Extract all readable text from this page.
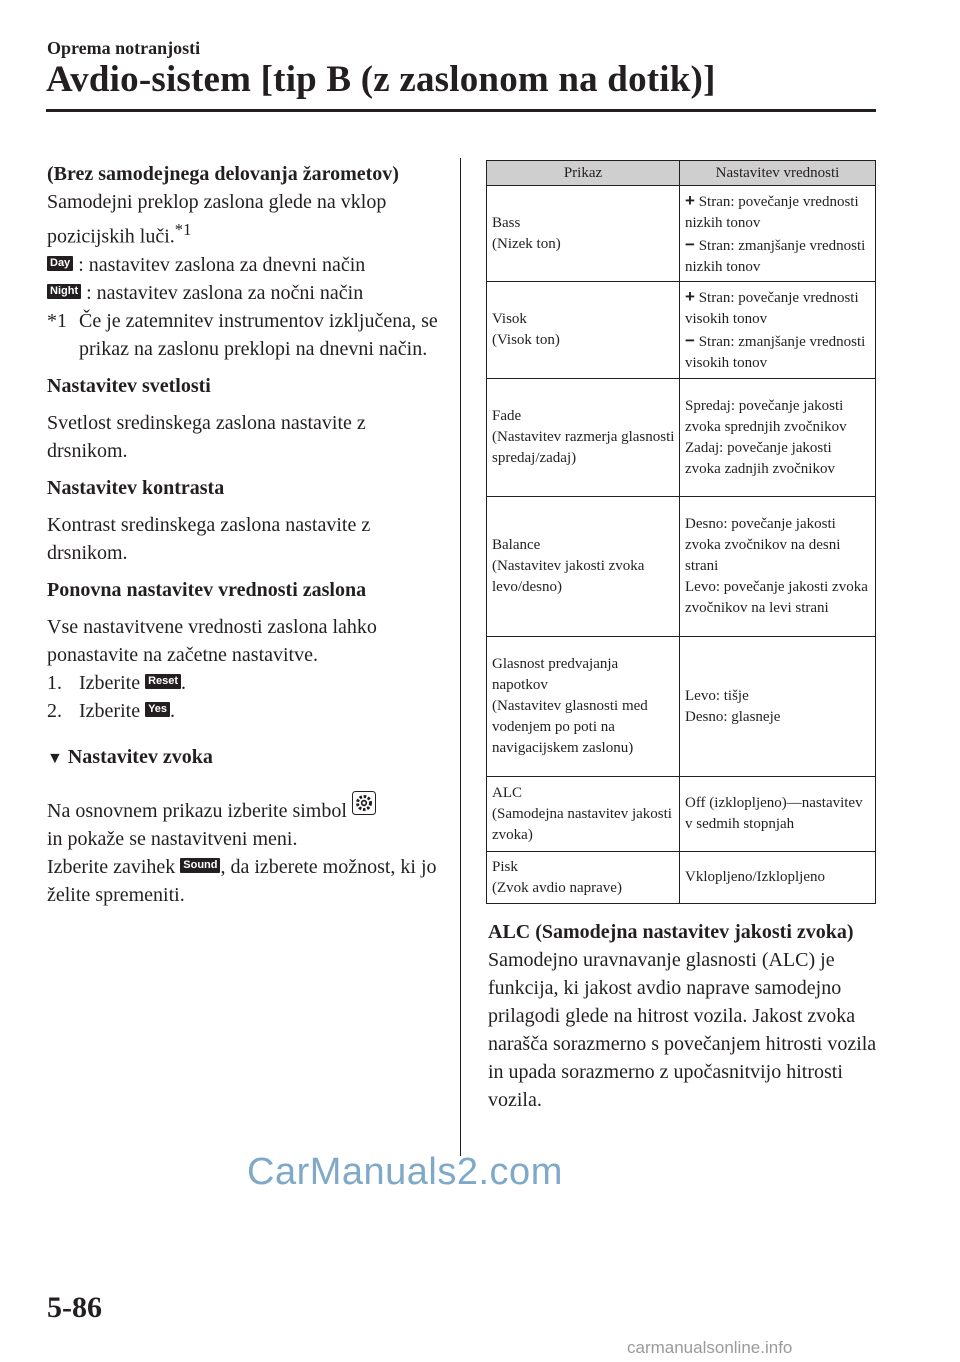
Oprema notranjosti
Avdio-sistem [tip B (z zaslonom na dotik)]

(Brez samodejnega delovanja žarometov)

Samodejni preklop zaslona glede na vklop pozicijskih luči.$^{*1}$

Day : nastavitev zaslona za dnevni način

Night : nastavitev zaslona za nočni način

*1 Če je zatemnitev instrumentov izključena, se prikaz na zaslonu preklopi na dnevni način.

Nastavitev svetlosti

Svetlost sredinskega zaslona nastavite z drsnikom.

Nastavitev kontrasta

Kontrast sredinskega zaslona nastavite z drsnikom.

Ponovna nastavitev vrednosti zaslona

Vse nastavitvene vrednosti zaslona lahko ponastavite na začetne nastavitve.

1. Izberite Reset .
2. Izberite Yes .

▼ Nastavitev zvoka

Na osnovnem prikazu izberite simbol

in pokaže se nastavitveni meni.

Izberite zavihek Sound , da izberete možnost, ki jo želite spremeniti.

Prikaz	Nastavitev vrednosti
Bass
(Nizek ton)	+ Stran: povečanje vrednosti nizkih tonov
− Stran: zmanjšanje vrednosti nizkih tonov
Visok
(Visok ton)	+ Stran: povečanje vrednosti visokih tonov
− Stran: zmanjšanje vrednosti visokih tonov
Fade
(Nastavitev razmerja glasnosti spredaj/zadaj)	Spredaj: povečanje jakosti zvoka sprednjih zvočnikov
Zadaj: povečanje jakosti zvoka zadnjih zvočnikov
Balance
(Nastavitev jakosti zvoka levo/desno)	Desno: povečanje jakosti zvoka zvočnikov na desni strani
Levo: povečanje jakosti zvoka zvočnikov na levi strani
Glasnost predvajanja napotkov
(Nastavitev glasnosti med vodenjem po poti na navigacijskem zaslonu)	Levo: tišje
Desno: glasneje
ALC
(Samodejna nastavitev jakosti zvoka)	Off (izklopljeno)—nastavitev v sedmih stopnjah
Pisk
(Zvok avdio naprave)	Vklopljeno/Izklopljeno

ALC (Samodejna nastavitev jakosti zvoka)

Samodejno uravnavanje glasnosti (ALC) je funkcija, ki jakost avdio naprave samodejno prilagodi glede na hitrost vozila. Jakost zvoka narašča sorazmerno s povečanjem hitrosti vozila in upada sorazmerno z upočasnitvijo hitrosti vozila.

CarManuals2.com
5-86
carmanualsonline.info
